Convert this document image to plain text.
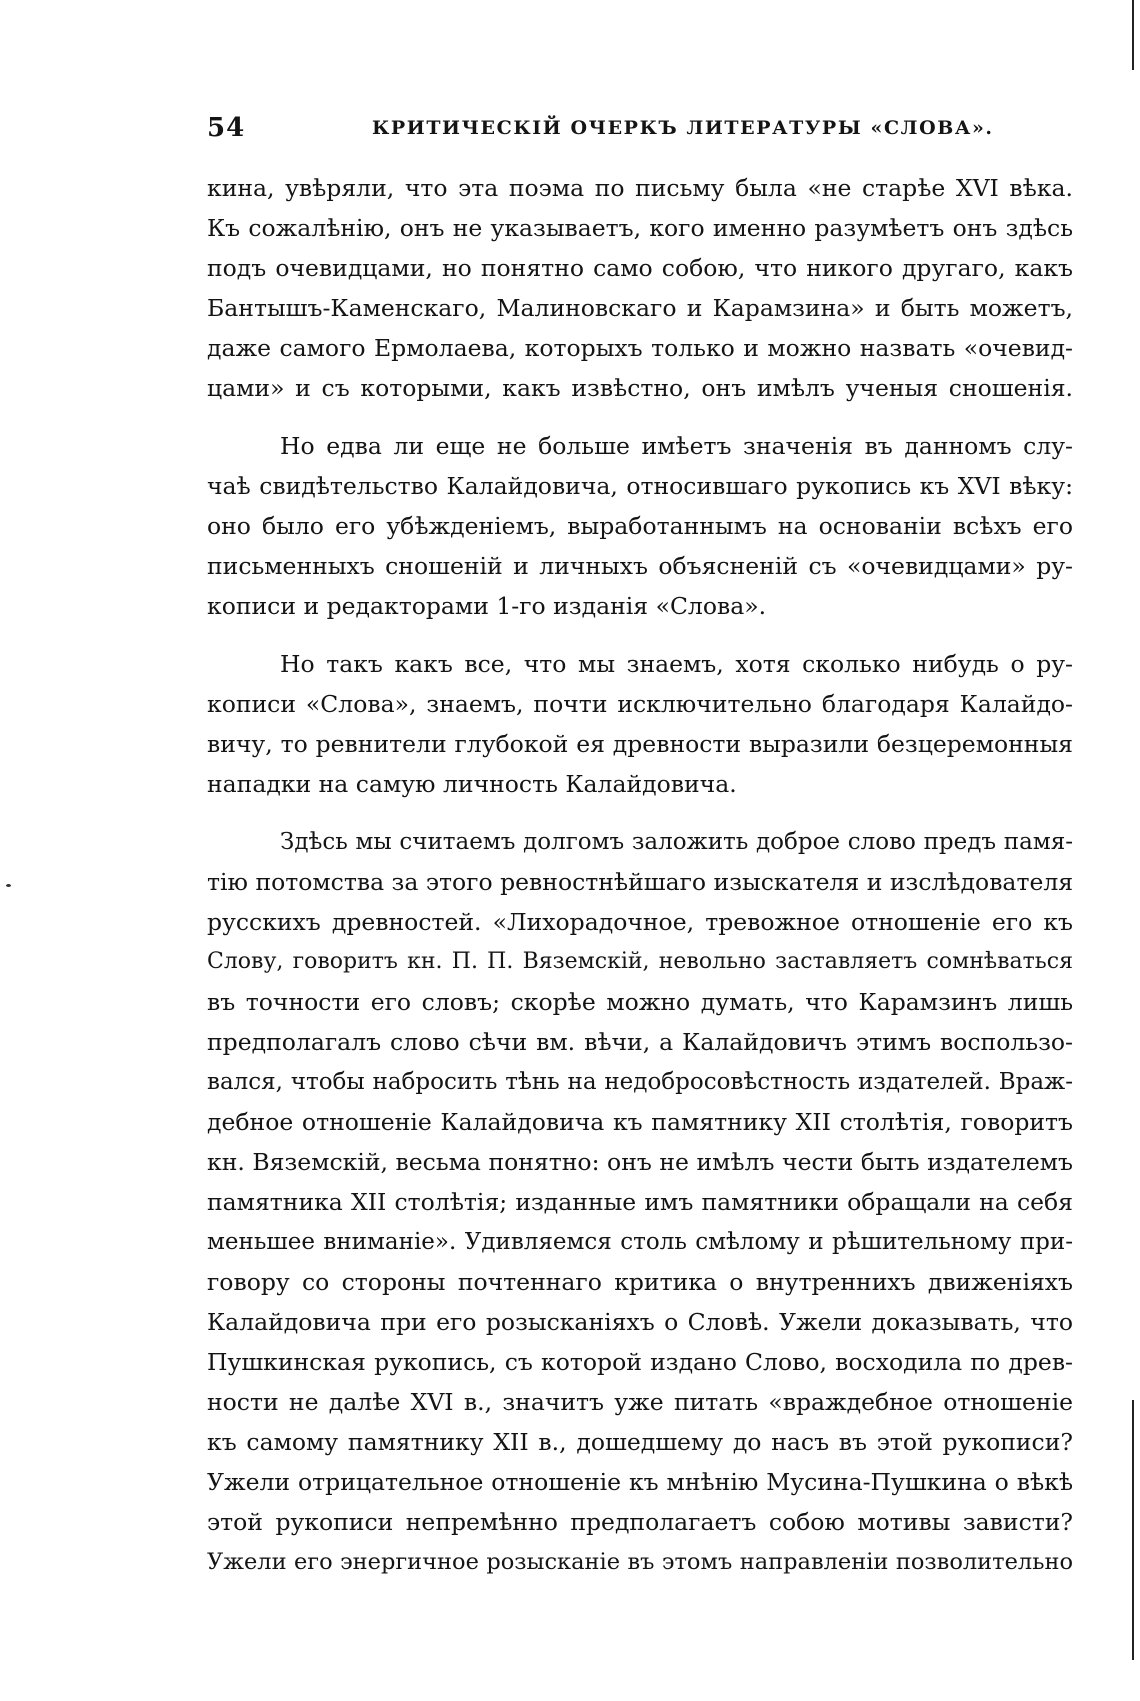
54	КРИТИЧЕСКІЙ ОЧЕРКЪ ЛИТЕРАТУРЫ «СЛОВА».
кина, увѣряли, что эта поэма по письму была «не старѣе XVI вѣка.
Къ сожалѣнію, онъ не указываетъ, кого именно разумѣетъ онъ здѣсь
подъ очевидцами, но понятно само собою, что никого другаго, какъ
Бантышъ-Каменскаго, Малиновскаго и Карамзина» и быть можетъ,
даже самого Ермолаева, которыхъ только и можно назвать «очевид-
цами» и съ которыми, какъ извѣстно, онъ имѣлъ ученыя сношенія.
Но едва ли еще не больше имѣетъ значенія въ данномъ слу-
чаѣ свидѣтельство Калайдовича, относившаго рукопись къ XVI вѣку:
оно было его убѣжденіемъ, выработаннымъ на основаніи всѣхъ его
письменныхъ сношеній и личныхъ объясненій съ «очевидцами» ру-
кописи и редакторами 1-го изданія «Слова».
Но такъ какъ все, что мы знаемъ, хотя сколько нибудь о ру-
кописи «Слова», знаемъ, почти исключительно благодаря Калайдо-
вичу, то ревнители глубокой ея древности выразили безцеремонныя
нападки на самую личность Калайдовича.
Здѣсь мы считаемъ долгомъ заложить доброе слово предъ памя-
тію потомства за этого ревностнѣйшаго изыскателя и изслѣдователя
русскихъ древностей. «Лихорадочное, тревожное отношеніе его къ
Слову, говоритъ кн. П. П. Вяземскій, невольно заставляетъ сомнѣваться
въ точности его словъ; скорѣе можно думать, что Карамзинъ лишь
предполагалъ слово сѣчи вм. вѣчи, а Калайдовичъ этимъ воспользо-
вался, чтобы набросить тѣнь на недобросовѣстность издателей. Враж-
дебное отношеніе Калайдовича къ памятнику XII столѣтія, говоритъ
кн. Вяземскій, весьма понятно: онъ не имѣлъ чести быть издателемъ
памятника XII столѣтія; изданные имъ памятники обращали на себя
меньшее вниманіе». Удивляемся столь смѣлому и рѣшительному при-
говору со стороны почтеннаго критика о внутреннихъ движеніяхъ
Калайдовича при его розысканіяхъ о Словѣ. Ужели доказывать, что
Пушкинская рукопись, съ которой издано Слово, восходила по древ-
ности не далѣе XVI в., значитъ уже питать «враждебное отношеніе
къ самому памятнику XII в., дошедшему до насъ въ этой рукописи?
Ужели отрицательное отношеніе къ мнѣнію Мусина-Пушкина о вѣкѣ
этой рукописи непремѣнно предполагаетъ собою мотивы зависти?
Ужели его энергичное розысканіе въ этомъ направленіи позволительно
